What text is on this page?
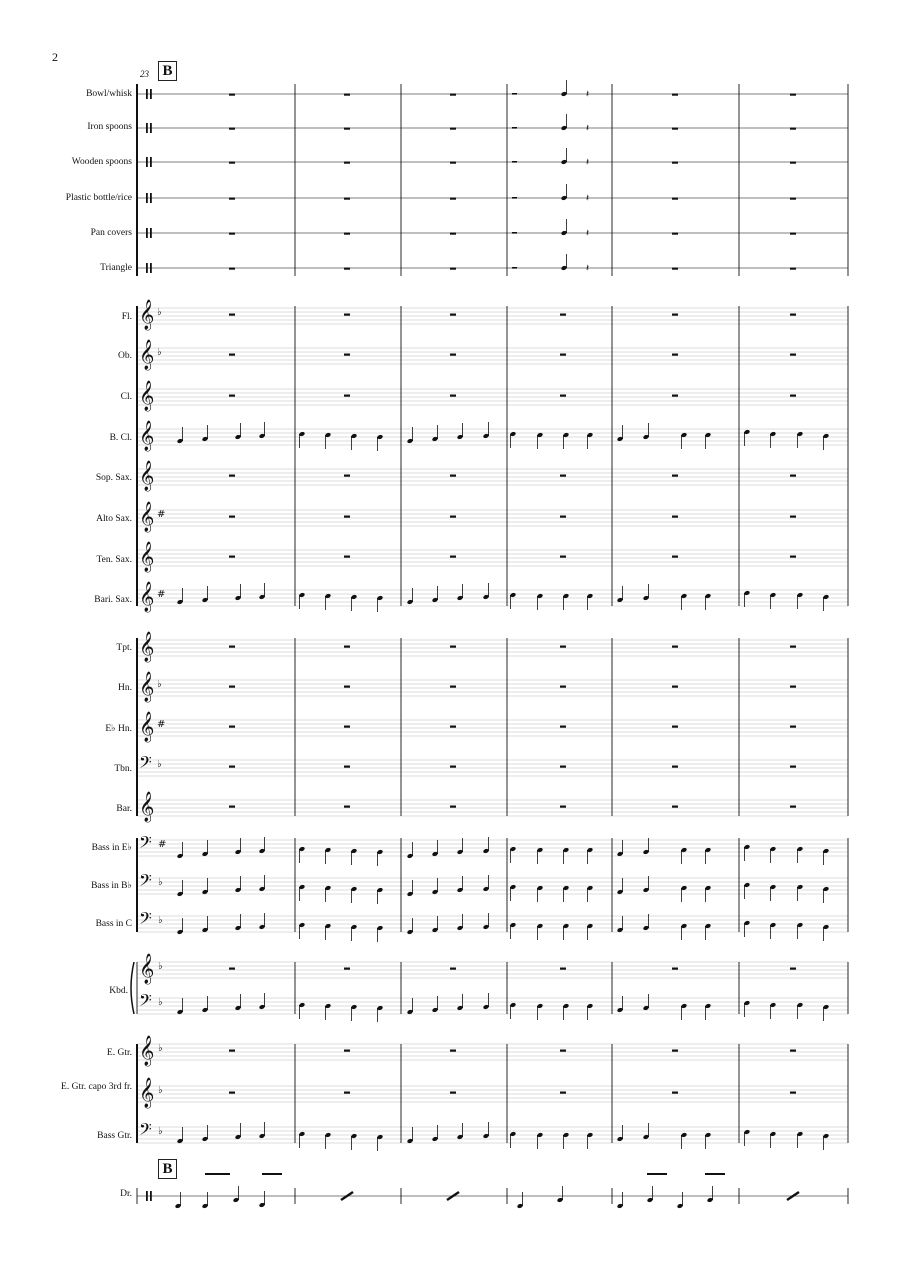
2
23 B
B
Bowl/whisk
Iron spoons
Wooden spoons
Plastic bottle/rice
Pan covers
Triangle
Fl.
Ob.
Cl.
B. Cl.
Sop. Sax.
Alto Sax.
Ten. Sax.
Bari. Sax.
Tpt.
Hn.
E♭ Hn.
Tbn.
Bar.
Bass in E♭
Bass in B♭
Bass in C
Kbd.
E. Gtr.
E. Gtr. capo 3rd fr.
Bass Gtr.
Dr.
𝄽
𝄽
𝄽
𝄽
𝄽
𝄽
𝄞 ♭
𝄞 ♭
𝄞
𝄞
𝄞
𝄞 #
𝄞
𝄞 #
𝄞
𝄞 ♭
𝄞 #
𝄢 ♭
𝄞
𝄢 #
𝄢 ♭
𝄢 ♭
𝄞
𝄢
♭
♭
𝄞 ♭
𝄞 ♭
𝄢 ♭
